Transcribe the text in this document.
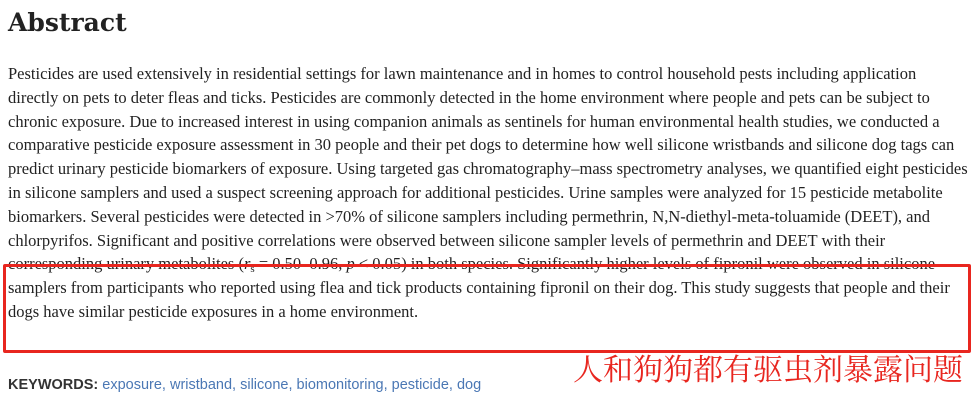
Abstract

Pesticides are used extensively in residential settings for lawn maintenance and in homes to control household pests including application directly on pets to deter fleas and ticks. Pesticides are commonly detected in the home environment where people and pets can be subject to chronic exposure. Due to increased interest in using companion animals as sentinels for human environmental health studies, we conducted a comparative pesticide exposure assessment in 30 people and their pet dogs to determine how well silicone wristbands and silicone dog tags can predict urinary pesticide biomarkers of exposure. Using targeted gas chromatography–mass spectrometry analyses, we quantified eight pesticides in silicone samplers and used a suspect screening approach for additional pesticides. Urine samples were analyzed for 15 pesticide metabolite biomarkers. Several pesticides were detected in >70% of silicone samplers including permethrin, N,N-diethyl-meta-toluamide (DEET), and chlorpyrifos. Significant and positive correlations were observed between silicone sampler levels of permethrin and DEET with their corresponding urinary metabolites ($r_s = 0.50-0.96$, p < 0.05) in both species. Significantly higher levels of fipronil were observed in silicone samplers from participants who reported using flea and tick products containing fipronil on their dog. This study suggests that people and their dogs have similar pesticide exposures in a home environment.

人和狗狗都有驱虫剂暴露问题
KEYWORDS: exposure, wristband, silicone, biomonitoring, pesticide, dog
